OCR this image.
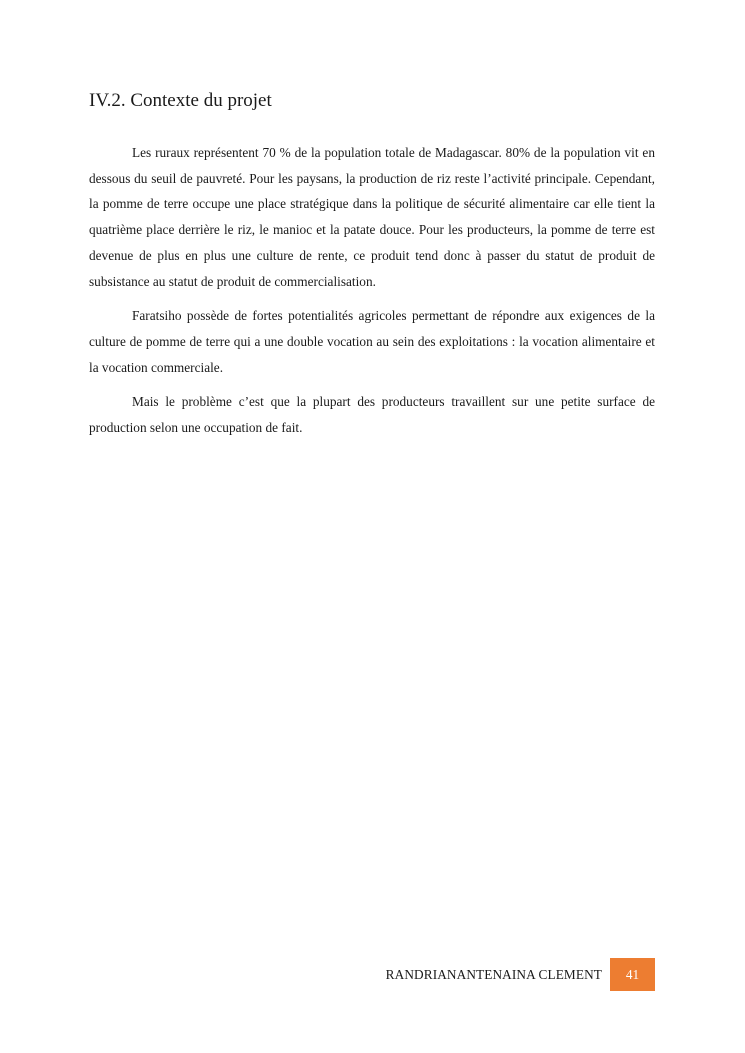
IV.2. Contexte du projet

Les ruraux représentent 70 % de la population totale de Madagascar. 80% de la population vit en dessous du seuil de pauvreté. Pour les paysans, la production de riz reste l’activité principale. Cependant, la pomme de terre occupe une place stratégique dans la politique de sécurité alimentaire car elle tient la quatrième place derrière le riz, le manioc et la patate douce. Pour les producteurs, la pomme de terre est devenue de plus en plus une culture de rente, ce produit tend donc à passer du statut de produit de subsistance au statut de produit de commercialisation.

Faratsiho possède de fortes potentialités agricoles permettant de répondre aux exigences de la culture de pomme de terre qui a une double vocation au sein des exploitations : la vocation alimentaire et la vocation commerciale.

Mais le problème c’est que la plupart des producteurs travaillent sur une petite surface de production selon une occupation de fait.

RANDRIANANTENAINA CLEMENT	41
